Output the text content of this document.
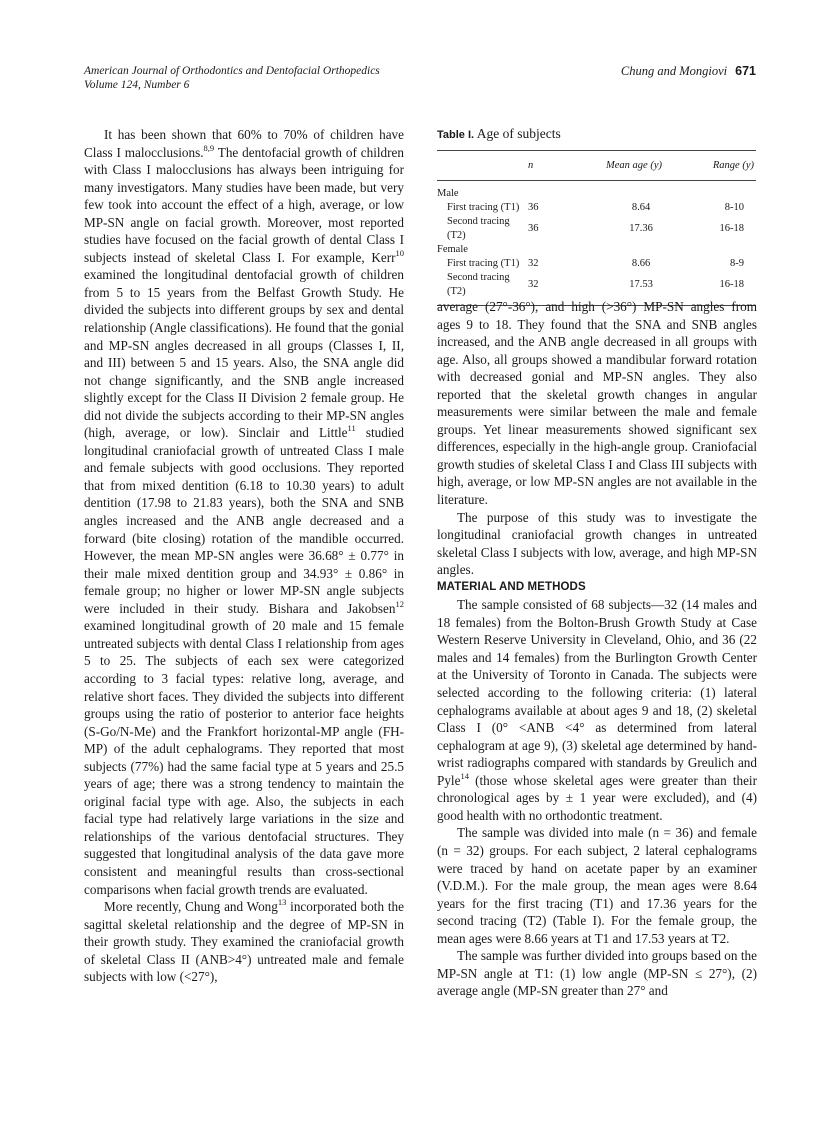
American Journal of Orthodontics and Dentofacial Orthopedics
Volume 124, Number 6
Chung and Mongiovi 671

It has been shown that 60% to 70% of children have Class I malocclusions.$^{8,9}$ The dentofacial growth of children with Class I malocclusions has always been intriguing for many investigators. Many studies have been made, but very few took into account the effect of a high, average, or low MP-SN angle on facial growth. Moreover, most reported studies have focused on the facial growth of dental Class I subjects instead of skeletal Class I. For example, Kerr$^{10}$ examined the longitudinal dentofacial growth of children from 5 to 15 years from the Belfast Growth Study. He divided the subjects into different groups by sex and dental relationship (Angle classifications). He found that the gonial and MP-SN angles decreased in all groups (Classes I, II, and III) between 5 and 15 years. Also, the SNA angle did not change significantly, and the SNB angle increased slightly except for the Class II Division 2 female group. He did not divide the subjects according to their MP-SN angles (high, average, or low). Sinclair and Little$^{11}$ studied longitudinal craniofacial growth of untreated Class I male and female subjects with good occlusions. They reported that from mixed dentition (6.18 to 10.30 years) to adult dentition (17.98 to 21.83 years), both the SNA and SNB angles increased and the ANB angle decreased and a forward (bite closing) rotation of the mandible occurred. However, the mean MP-SN angles were 36.68° ± 0.77° in their male mixed dentition group and 34.93° ± 0.86° in female group; no higher or lower MP-SN angle subjects were included in their study. Bishara and Jakobsen$^{12}$ examined longitudinal growth of 20 male and 15 female untreated subjects with dental Class I relationship from ages 5 to 25. The subjects of each sex were categorized according to 3 facial types: relative long, average, and relative short faces. They divided the subjects into different groups using the ratio of posterior to anterior face heights (S-Go/N-Me) and the Frankfort horizontal-MP angle (FH-MP) of the adult cephalograms. They reported that most subjects (77%) had the same facial type at 5 years and 25.5 years of age; there was a strong tendency to maintain the original facial type with age. Also, the subjects in each facial type had relatively large variations in the size and relationships of the various dentofacial structures. They suggested that longitudinal analysis of the data gave more consistent and meaningful results than cross-sectional comparisons when facial growth trends are evaluated.

More recently, Chung and Wong$^{13}$ incorporated both the sagittal skeletal relationship and the degree of MP-SN in their growth study. They examined the craniofacial growth of skeletal Class II (ANB>4°) untreated male and female subjects with low (<27°),

Table I. Age of subjects
	n	Mean age (y)	Range (y)
Male			
First tracing (T1)	36	8.64	8-10
Second tracing (T2)	36	17.36	16-18
Female			
First tracing (T1)	32	8.66	8-9
Second tracing (T2)	32	17.53	16-18

average (27°-36°), and high (>36°) MP-SN angles from ages 9 to 18. They found that the SNA and SNB angles increased, and the ANB angle decreased in all groups with age. Also, all groups showed a mandibular forward rotation with decreased gonial and MP-SN angles. They also reported that the skeletal growth changes in angular measurements were similar between the male and female groups. Yet linear measurements showed significant sex differences, especially in the high-angle group. Craniofacial growth studies of skeletal Class I and Class III subjects with high, average, or low MP-SN angles are not available in the literature.

The purpose of this study was to investigate the longitudinal craniofacial growth changes in untreated skeletal Class I subjects with low, average, and high MP-SN angles.

MATERIAL AND METHODS

The sample consisted of 68 subjects—32 (14 males and 18 females) from the Bolton-Brush Growth Study at Case Western Reserve University in Cleveland, Ohio, and 36 (22 males and 14 females) from the Burlington Growth Center at the University of Toronto in Canada. The subjects were selected according to the following criteria: (1) lateral cephalograms available at about ages 9 and 18, (2) skeletal Class I (0° <ANB <4° as determined from lateral cephalogram at age 9), (3) skeletal age determined by hand-wrist radiographs compared with standards by Greulich and Pyle$^{14}$ (those whose skeletal ages were greater than their chronological ages by ± 1 year were excluded), and (4) good health with no orthodontic treatment.

The sample was divided into male (n = 36) and female (n = 32) groups. For each subject, 2 lateral cephalograms were traced by hand on acetate paper by an examiner (V.D.M.). For the male group, the mean ages were 8.64 years for the first tracing (T1) and 17.36 years for the second tracing (T2) (Table I). For the female group, the mean ages were 8.66 years at T1 and 17.53 years at T2.

The sample was further divided into groups based on the MP-SN angle at T1: (1) low angle (MP-SN ≤ 27°), (2) average angle (MP-SN greater than 27° and
